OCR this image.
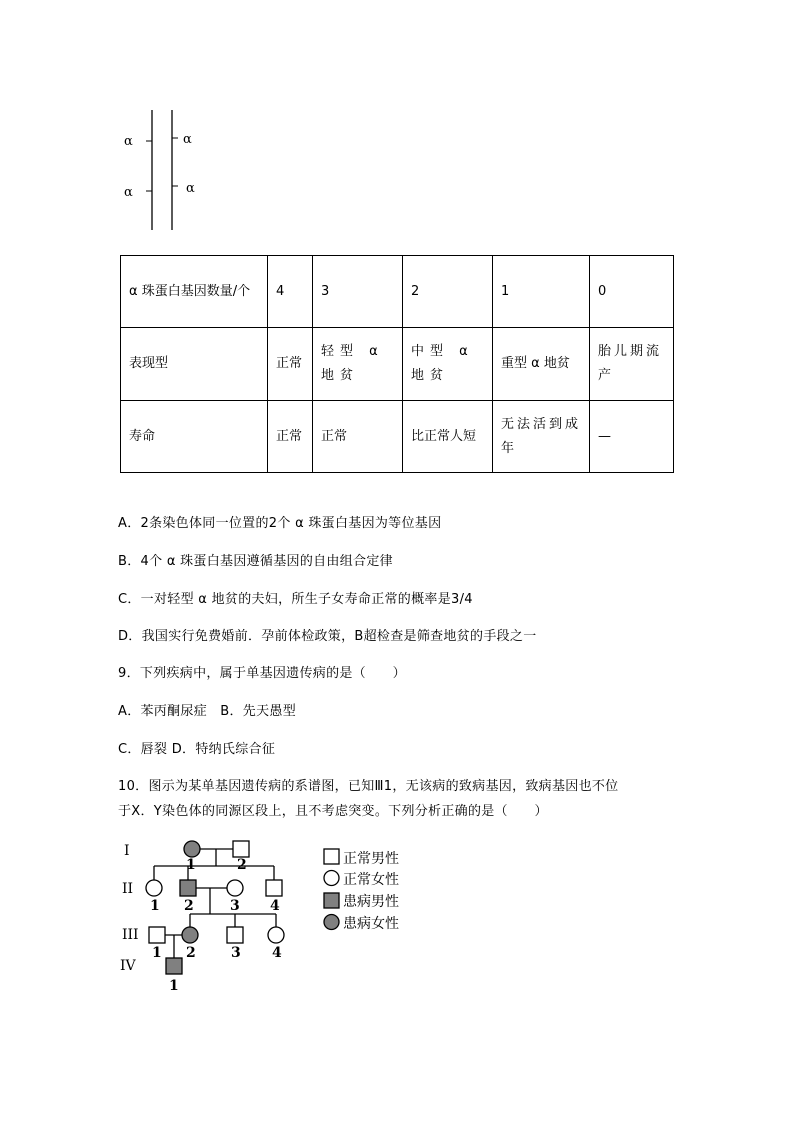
α
α
α
α
α 珠蛋白基因数量/个	4	3	2	1	0
表现型	正常	轻型 α 地贫	中型 α 地贫	重型 α 地贫	胎儿期流产
寿命	正常	正常	比正常人短	无法活到成年	—
A．2条染色体同一位置的2个 α 珠蛋白基因为等位基因
B．4个 α 珠蛋白基因遵循基因的自由组合定律
C．一对轻型 α 地贫的夫妇，所生子女寿命正常的概率是3/4
D．我国实行免费婚前．孕前体检政策，B超检查是筛查地贫的手段之一
9．下列疾病中，属于单基因遗传病的是（　　）
A．苯丙酮尿症　B．先天愚型
C．唇裂 D．特纳氏综合征
10．图示为某单基因遗传病的系谱图，已知Ⅲ1，无该病的致病基因，致病基因也不位
于X．Y染色体的同源区段上，且不考虑突变。下列分析正确的是（　　）
I
II
III
IV
1	2
1 2	3 4
1 2	3 4
1
正常男性
正常女性
患病男性
患病女性
